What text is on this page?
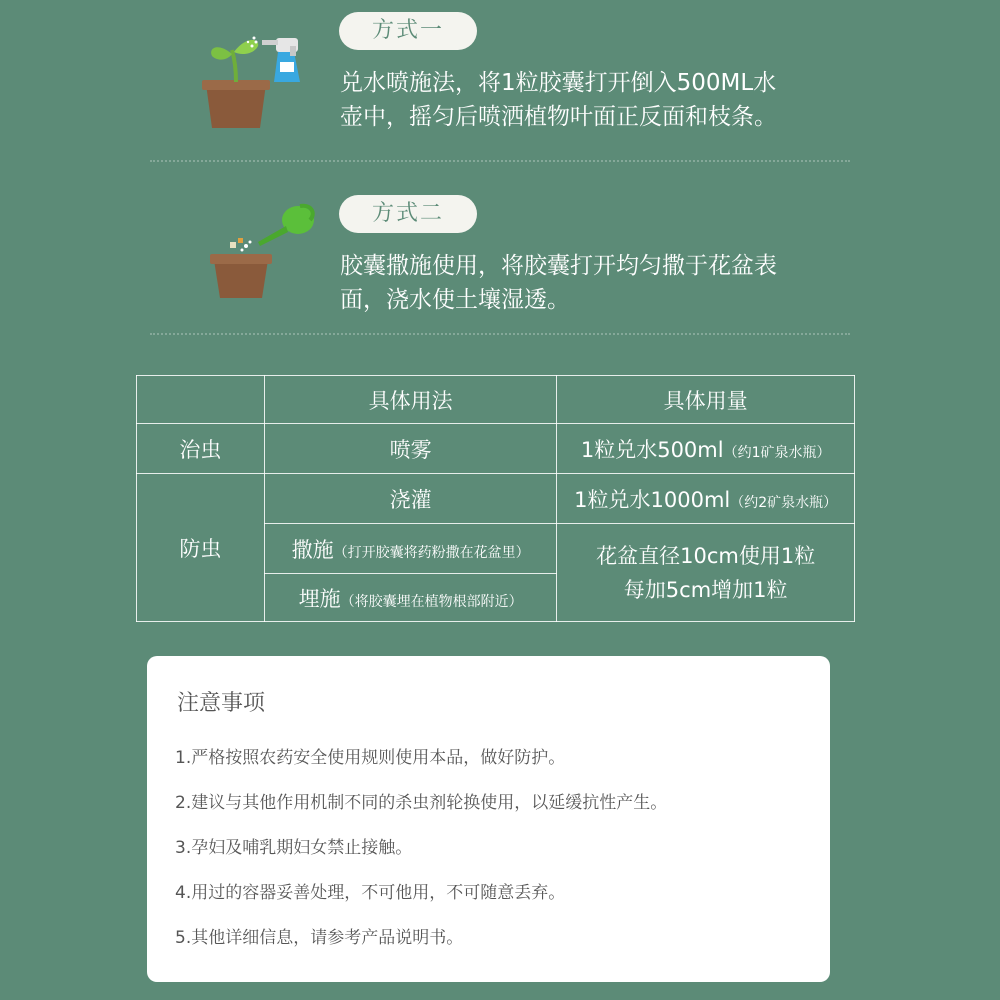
方式一
兑水喷施法，将1粒胶囊打开倒入500ML水
壶中，摇匀后喷洒植物叶面正反面和枝条。
方式二
胶囊撒施使用，将胶囊打开均匀撒于花盆表
面，浇水使土壤湿透。
	具体用法	具体用量
治虫	喷雾	1粒兑水500ml（约1矿泉水瓶）
防虫	浇灌	1粒兑水1000ml（约2矿泉水瓶）
	撒施（打开胶囊将药粉撒在花盆里）	花盆直径10cm使用1粒
每加5cm增加1粒

	埋施（将胶囊埋在植物根部附近）	
注意事项
1.严格按照农药安全使用规则使用本品，做好防护。
2.建议与其他作用机制不同的杀虫剂轮换使用，以延缓抗性产生。
3.孕妇及哺乳期妇女禁止接触。
4.用过的容器妥善处理，不可他用，不可随意丢弃。
5.其他详细信息，请参考产品说明书。
